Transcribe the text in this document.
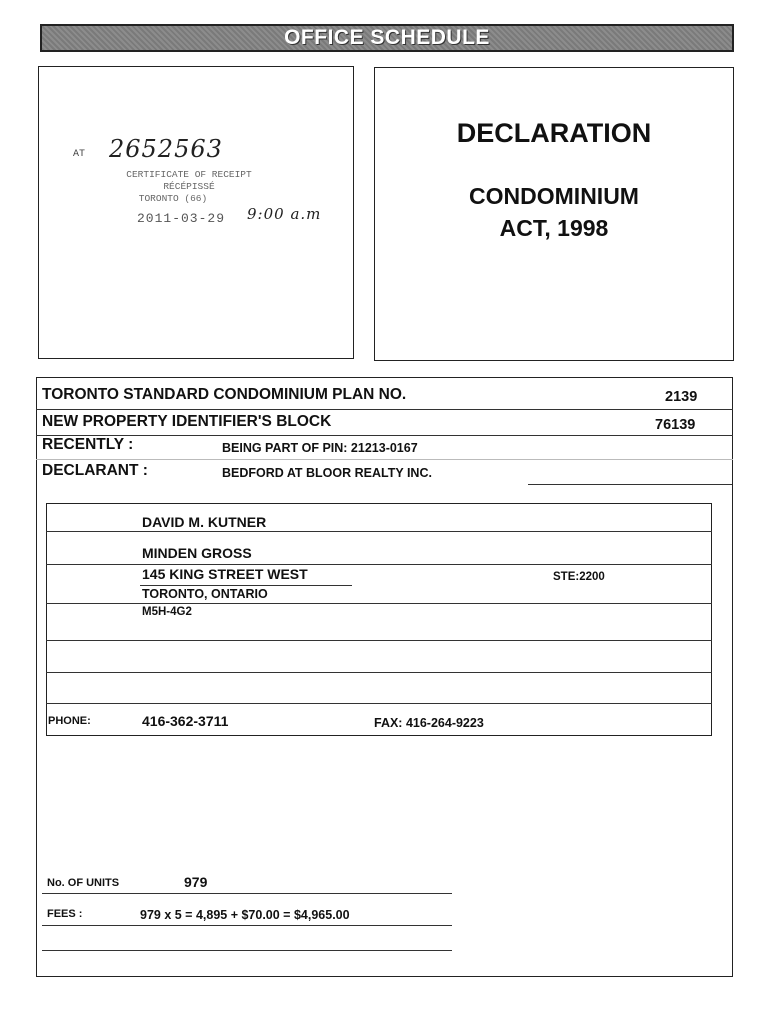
OFFICE SCHEDULE
AT 2652563
CERTIFICATE OF RECEIPT
RÉCÉPISSÉ
TORONTO (66)
2011-03-29 9:00 a.m
DECLARATION
CONDOMINIUM
ACT, 1998
TORONTO STANDARD CONDOMINIUM PLAN NO.	2139
NEW PROPERTY IDENTIFIER'S BLOCK	76139
RECENTLY :	BEING PART OF PIN: 21213-0167
DECLARANT :	BEDFORD AT BLOOR REALTY INC.
DAVID M. KUTNER
MINDEN GROSS
145 KING STREET WEST	STE:2200
TORONTO, ONTARIO
M5H-4G2
PHONE:	416-362-3711	FAX: 416-264-9223
No. OF UNITS	979
FEES :	979 x 5 = 4,895 + $70.00 = $4,965.00
